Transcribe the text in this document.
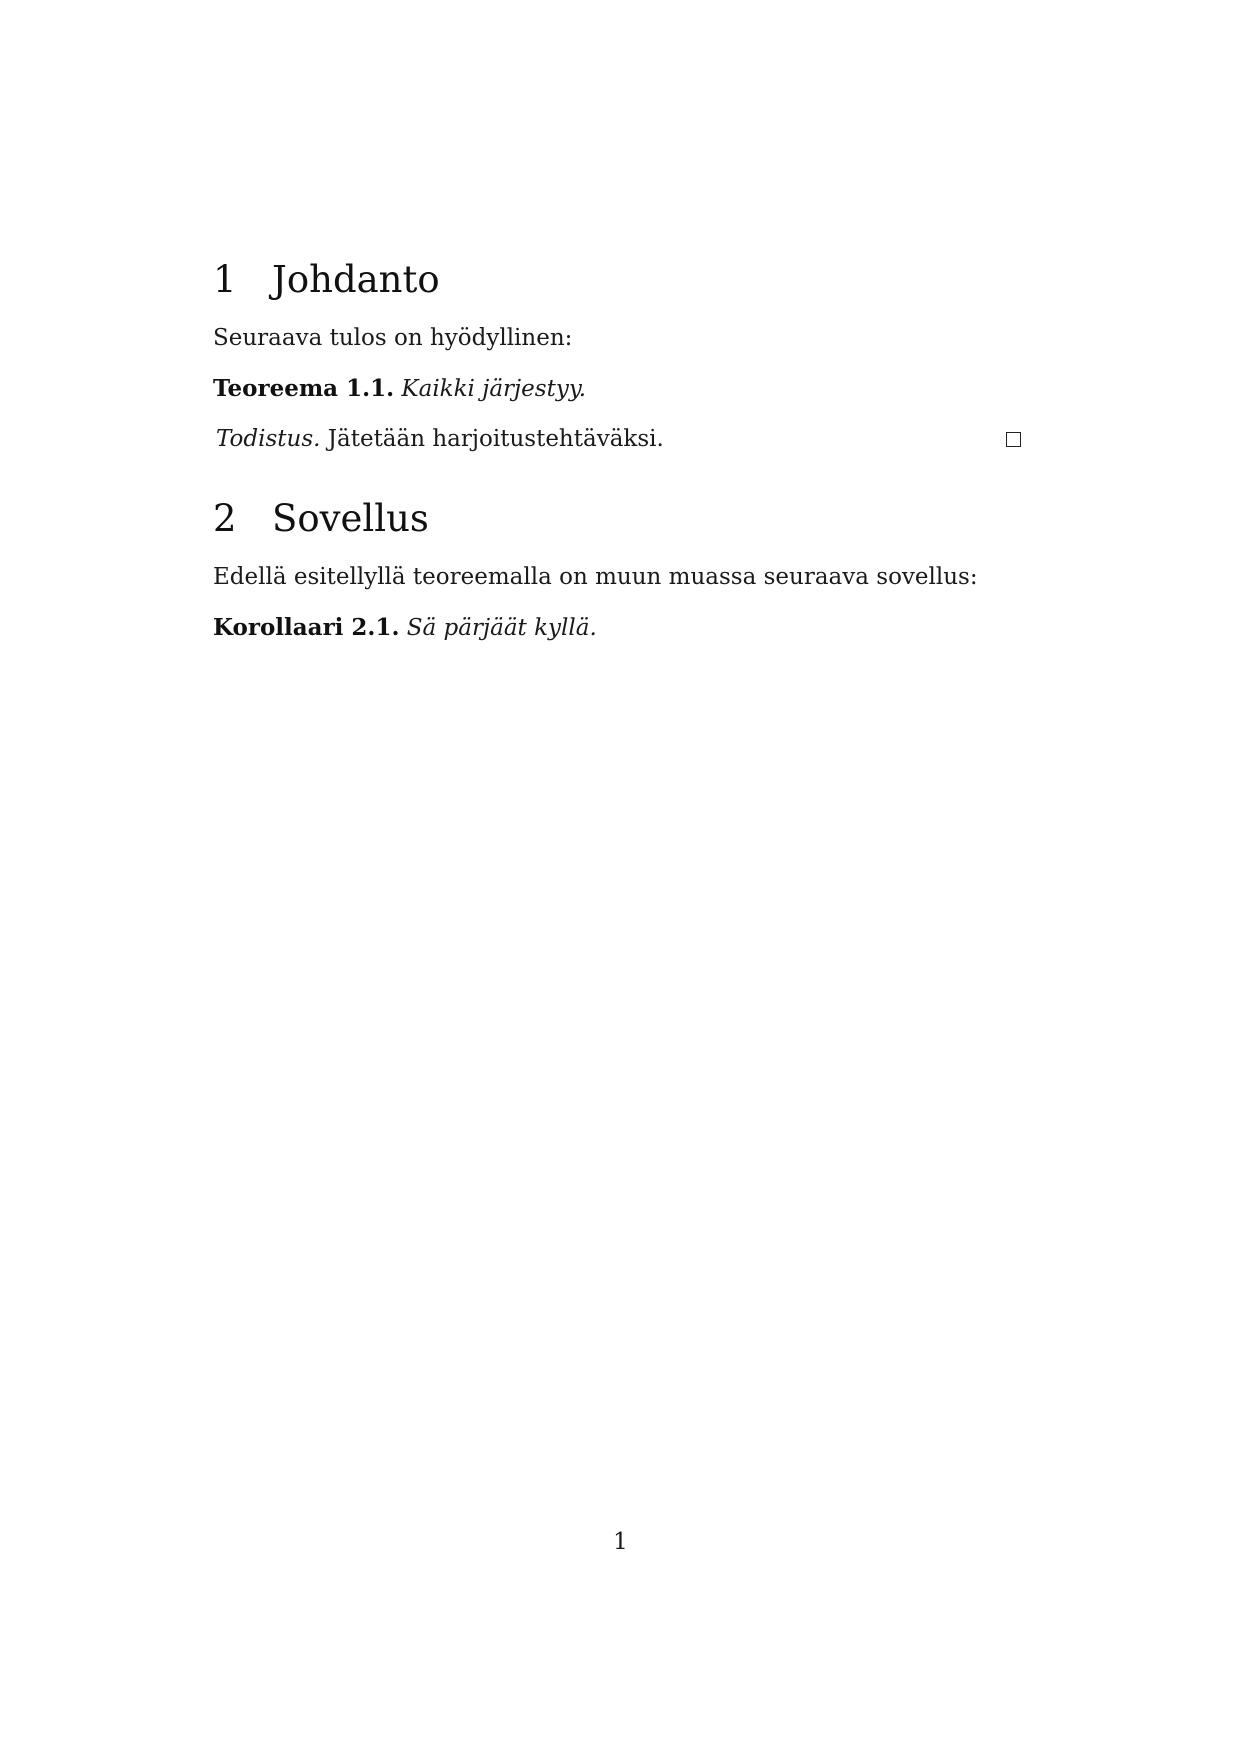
1 Johdanto

Seuraava tulos on hyödyllinen:

Teoreema 1.1. Kaikki järjestyy.

Todistus. Jätetään harjoitustehtäväksi.

2 Sovellus

Edellä esitellyllä teoreemalla on muun muassa seuraava sovellus:

Korollaari 2.1. Sä pärjäät kyllä.

1
